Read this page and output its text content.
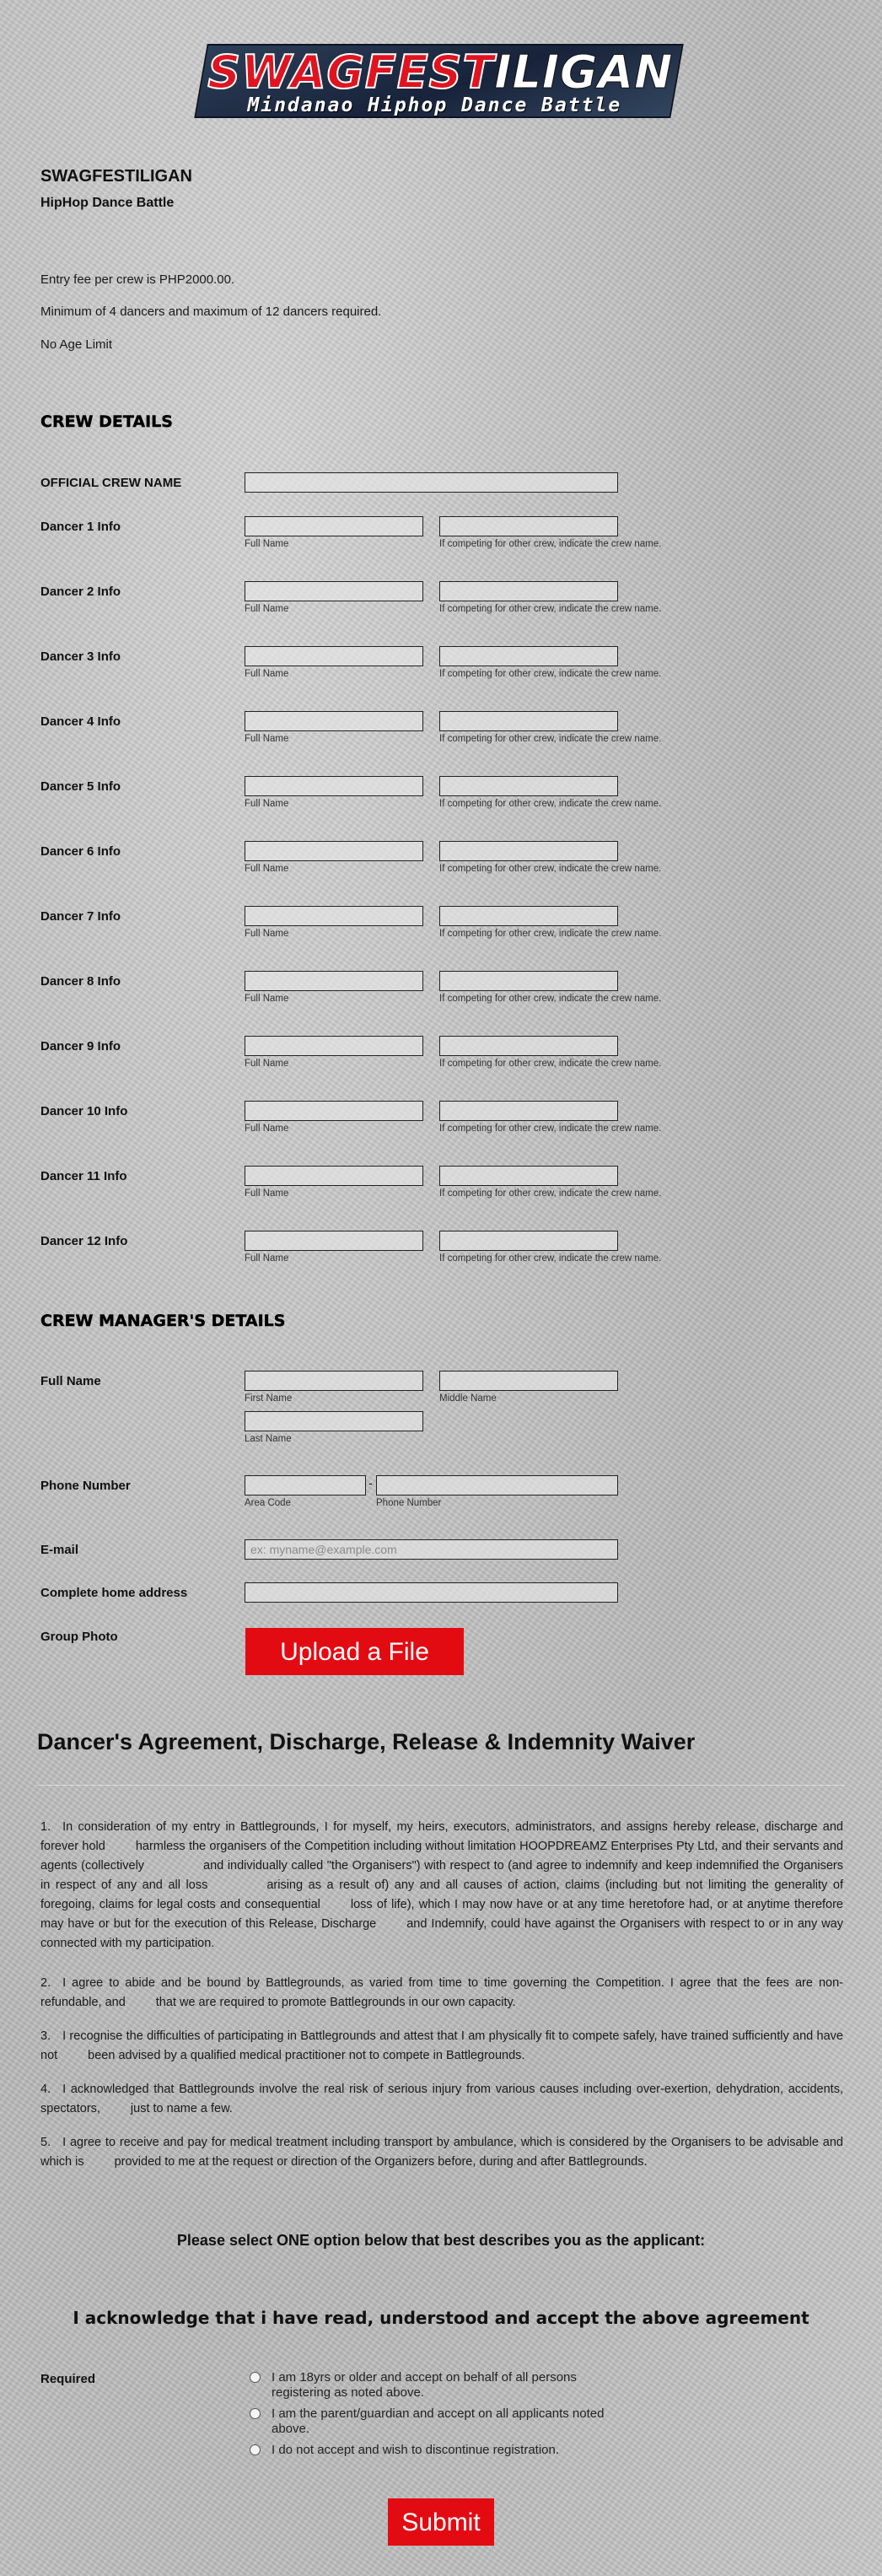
SWAGFESTILIGAN
Mindanao Hiphop Dance Battle
SWAGFESTILIGAN
HipHop Dance Battle
Entry fee per crew is PHP2000.00.
Minimum of 4 dancers and maximum of 12 dancers required.
No Age Limit
CREW DETAILS
OFFICIAL CREW NAME
Dancer 1 Info
Full Name	If competing for other crew, indicate the crew name.
Dancer 2 Info
Full Name	If competing for other crew, indicate the crew name.
Dancer 3 Info
Full Name	If competing for other crew, indicate the crew name.
Dancer 4 Info
Full Name	If competing for other crew, indicate the crew name.
Dancer 5 Info
Full Name	If competing for other crew, indicate the crew name.
Dancer 6 Info
Full Name	If competing for other crew, indicate the crew name.
Dancer 7 Info
Full Name	If competing for other crew, indicate the crew name.
Dancer 8 Info
Full Name	If competing for other crew, indicate the crew name.
Dancer 9 Info
Full Name	If competing for other crew, indicate the crew name.
Dancer 10 Info
Full Name	If competing for other crew, indicate the crew name.
Dancer 11 Info
Full Name	If competing for other crew, indicate the crew name.
Dancer 12 Info
Full Name	If competing for other crew, indicate the crew name.
CREW MANAGER'S DETAILS
Full Name
First Name	Middle Name
Last Name
Phone Number	-
Area Code	Phone Number
E-mail
ex: myname@example.com
Complete home address
Group Photo
Upload a File
Dancer's Agreement, Discharge, Release & Indemnity Waiver
1. In consideration of my entry in Battlegrounds, I for myself, my heirs, executors, administrators, and assigns hereby release, discharge and forever hold harmless the organisers of the Competition including without limitation HOOPDREAMZ Enterprises Pty Ltd, and their servants and agents (collectively	and individually called "the Organisers") with respect to (and agree to indemnify and keep indemnified the Organisers in respect of any and all loss	arising as a result of) any and all causes of action, claims (including but not limiting the generality of foregoing, claims for legal costs and consequential loss of life), which I may now have or at any time heretofore had, or at anytime therefore may have or but for the execution of this Release, Discharge and Indemnify, could have against the Organisers with respect to or in any way connected with my participation.
2. I agree to abide and be bound by Battlegrounds, as varied from time to time governing the Competition. I agree that the fees are non-refundable, and that we are required to promote Battlegrounds in our own capacity.
3. I recognise the difficulties of participating in Battlegrounds and attest that I am physically fit to compete safely, have trained sufficiently and have not been advised by a qualified medical practitioner not to compete in Battlegrounds.
4. I acknowledged that Battlegrounds involve the real risk of serious injury from various causes including over-exertion, dehydration, accidents, spectators, just to name a few.
5. I agree to receive and pay for medical treatment including transport by ambulance, which is considered by the Organisers to be advisable and which is provided to me at the request or direction of the Organizers before, during and after Battlegrounds.
Please select ONE option below that best describes you as the applicant:
I acknowledge that i have read, understood and accept the above agreement
Required	I am 18yrs or older and accept on behalf of all persons registering as noted above.
I am the parent/guardian and accept on all applicants noted above.
I do not accept and wish to discontinue registration.
Submit
